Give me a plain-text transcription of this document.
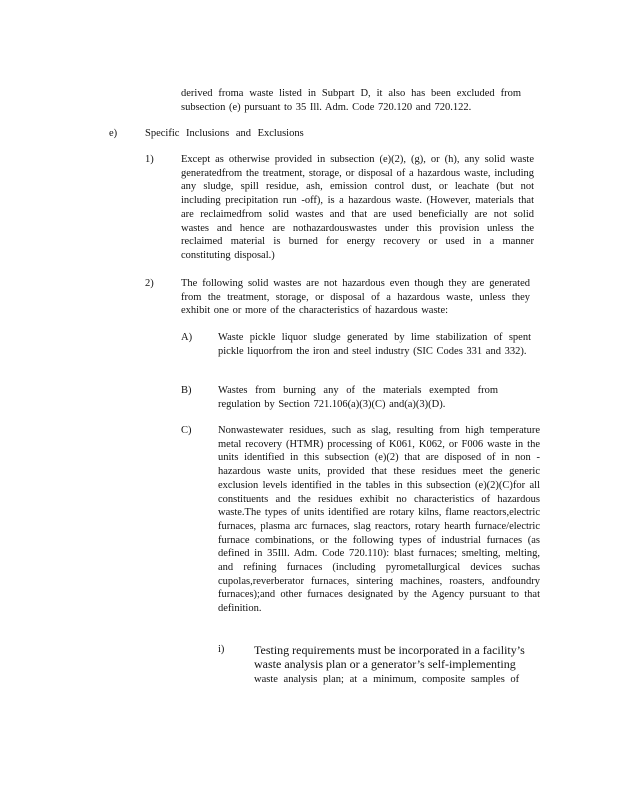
derived froma waste listed in Subpart D, it also has been excluded from subsection (e) pursuant to 35 Ill. Adm. Code 720.120 and 720.122.
e)	Specific Inclusions and Exclusions
1)	Except as otherwise provided in subsection (e)(2), (g), or (h), any solid waste generatedfrom the treatment, storage, or disposal of a hazardous waste, including any sludge, spill residue, ash, emission control dust, or leachate (but not including precipitation run -off), is a hazardous waste. (However, materials that are reclaimedfrom solid wastes and that are used beneficially are not solid wastes and hence are nothazardouswastes under this provision unless the reclaimed material is burned for energy recovery or used in a manner constituting disposal.)
2)	The following solid wastes are not hazardous even though they are generated from the treatment, storage, or disposal of a hazardous waste, unless they exhibit one or more of the characteristics of hazardous waste:
A) Waste pickle liquor sludge generated by lime stabilization of spent pickle liquorfrom the iron and steel industry (SIC Codes 331 and 332).
B)	Wastes from burning any of the materials exempted from regulation by Section 721.106(a)(3)(C) and(a)(3)(D).
C)	Nonwastewater residues, such as slag, resulting from high temperature metal recovery (HTMR) processing of K061, K062, or F006 waste in the units identified in this subsection (e)(2) that are disposed of in non -hazardous waste units, provided that these residues meet the generic exclusion levels identified in the tables in this subsection (e)(2)(C)for all constituents and the residues exhibit no characteristics of hazardous waste.The types of units identified are rotary kilns, flame reactors,electric furnaces, plasma arc furnaces, slag reactors, rotary hearth furnace/electric furnace combinations, or the following types of industrial furnaces (as defined in 35Ill. Adm. Code 720.110): blast furnaces; smelting, melting, and refining furnaces (including pyrometallurgical devices suchas cupolas,reverberator furnaces, sintering machines, roasters, andfoundry furnaces);and other furnaces designated by the Agency pursuant to that definition.
i) Testing requirements must be incorporated in a facility’s
waste analysis plan or a generator’s self-implementing
waste analysis plan; at a minimum, composite samples of
